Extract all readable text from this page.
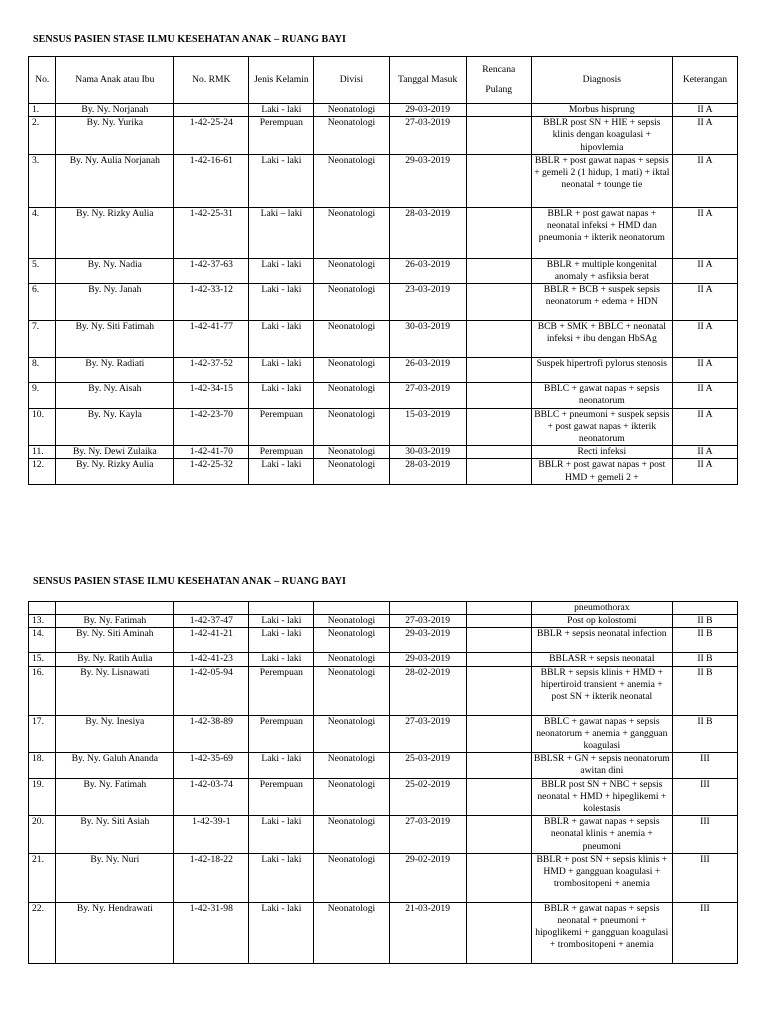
SENSUS PASIEN STASE ILMU KESEHATAN ANAK – RUANG BAYI
No.	Nama Anak atau Ibu	No. RMK	Jenis Kelamin	Divisi	Tanggal Masuk	Rencana Pulang	Diagnosis	Keterangan
1.	By. Ny. Norjanah		Laki - laki	Neonatologi	29-03-2019		Morbus hisprung	II A
2.	By. Ny. Yurika	1-42-25-24	Perempuan	Neonatologi	27-03-2019		BBLR post SN + HIE + sepsis klinis dengan koagulasi + hipovlemia	II A
3.	By. Ny. Aulia Norjanah	1-42-16-61	Laki - laki	Neonatologi	29-03-2019		BBLR + post gawat napas + sepsis + gemeli 2 (1 hidup, 1 mati) + iktal neonatal + tounge tie	II A
4.	By. Ny. Rizky Aulia	1-42-25-31	Laki – laki	Neonatologi	28-03-2019		BBLR + post gawat napas + neonatal infeksi + HMD dan pneumonia + ikterik neonatorum	II A
5.	By. Ny. Nadia	1-42-37-63	Laki - laki	Neonatologi	26-03-2019		BBLR + multiple kongenital anomaly + asfiksia berat	II A
6.	By. Ny. Janah	1-42-33-12	Laki - laki	Neonatologi	23-03-2019		BBLR + BCB + suspek sepsis neonatorum + edema + HDN	II A
7.	By. Ny. Siti Fatimah	1-42-41-77	Laki - laki	Neonatologi	30-03-2019		BCB + SMK + BBLC + neonatal infeksi + ibu dengan HbSAg	II A
8.	By. Ny. Radiati	1-42-37-52	Laki - laki	Neonatologi	26-03-2019		Suspek hipertrofi pylorus stenosis	II A
9.	By. Ny. Aisah	1-42-34-15	Laki - laki	Neonatologi	27-03-2019		BBLC + gawat napas + sepsis neonatorum	II A
10.	By. Ny. Kayla	1-42-23-70	Perempuan	Neonatologi	15-03-2019		BBLC + pneumoni + suspek sepsis + post gawat napas + ikterik neonatorum	II A
11.	By. Ny. Dewi Zulaika	1-42-41-70	Perempuan	Neonatologi	30-03-2019		Recti infeksi	II A
12.	By. Ny. Rizky Aulia	1-42-25-32	Laki - laki	Neonatologi	28-03-2019		BBLR + post gawat napas + post HMD + gemeli 2 +	II A
SENSUS PASIEN STASE ILMU KESEHATAN ANAK – RUANG BAYI
							pneumothorax	
13.	By. Ny. Fatimah	1-42-37-47	Laki - laki	Neonatologi	27-03-2019		Post op kolostomi	II B
14.	By. Ny. Siti Aminah	1-42-41-21	Laki - laki	Neonatologi	29-03-2019		BBLR + sepsis neonatal infection	II B
15.	By. Ny. Ratih Aulia	1-42-41-23	Laki - laki	Neonatologi	29-03-2019		BBLASR + sepsis neonatal	II B
16.	By. Ny. Lisnawati	1-42-05-94	Perempuan	Neonatologi	28-02-2019		BBLR + sepsis klinis + HMD + hipertiroid transient + anemia + post SN + ikterik neonatal	II B
17.	By. Ny. Inesiya	1-42-38-89	Perempuan	Neonatologi	27-03-2019		BBLC + gawat napas + sepsis neonatorum + anemia + gangguan koagulasi	II B
18.	By. Ny. Galuh Ananda	1-42-35-69	Laki - laki	Neonatologi	25-03-2019		BBLSR + GN + sepsis neonatorum awitan dini	III
19.	By. Ny. Fatimah	1-42-03-74	Perempuan	Neonatologi	25-02-2019		BBLR post SN + NBC + sepsis neonatal + HMD + hipeglikemi + kolestasis	III
20.	By. Ny. Siti Asiah	1-42-39-1	Laki - laki	Neonatologi	27-03-2019		BBLR + gawat napas + sepsis neonatal klinis + anemia + pneumoni	III
21.	By. Ny. Nuri	1-42-18-22	Laki - laki	Neonatologi	29-02-2019		BBLR + post SN + sepsis klinis + HMD + gangguan koagulasi + trombositopeni + anemia	III
22.	By. Ny. Hendrawati	1-42-31-98	Laki - laki	Neonatologi	21-03-2019		BBLR + gawat napas + sepsis neonatal + pneumoni + hipoglikemi + gangguan koagulasi + trombositopeni + anemia	III
